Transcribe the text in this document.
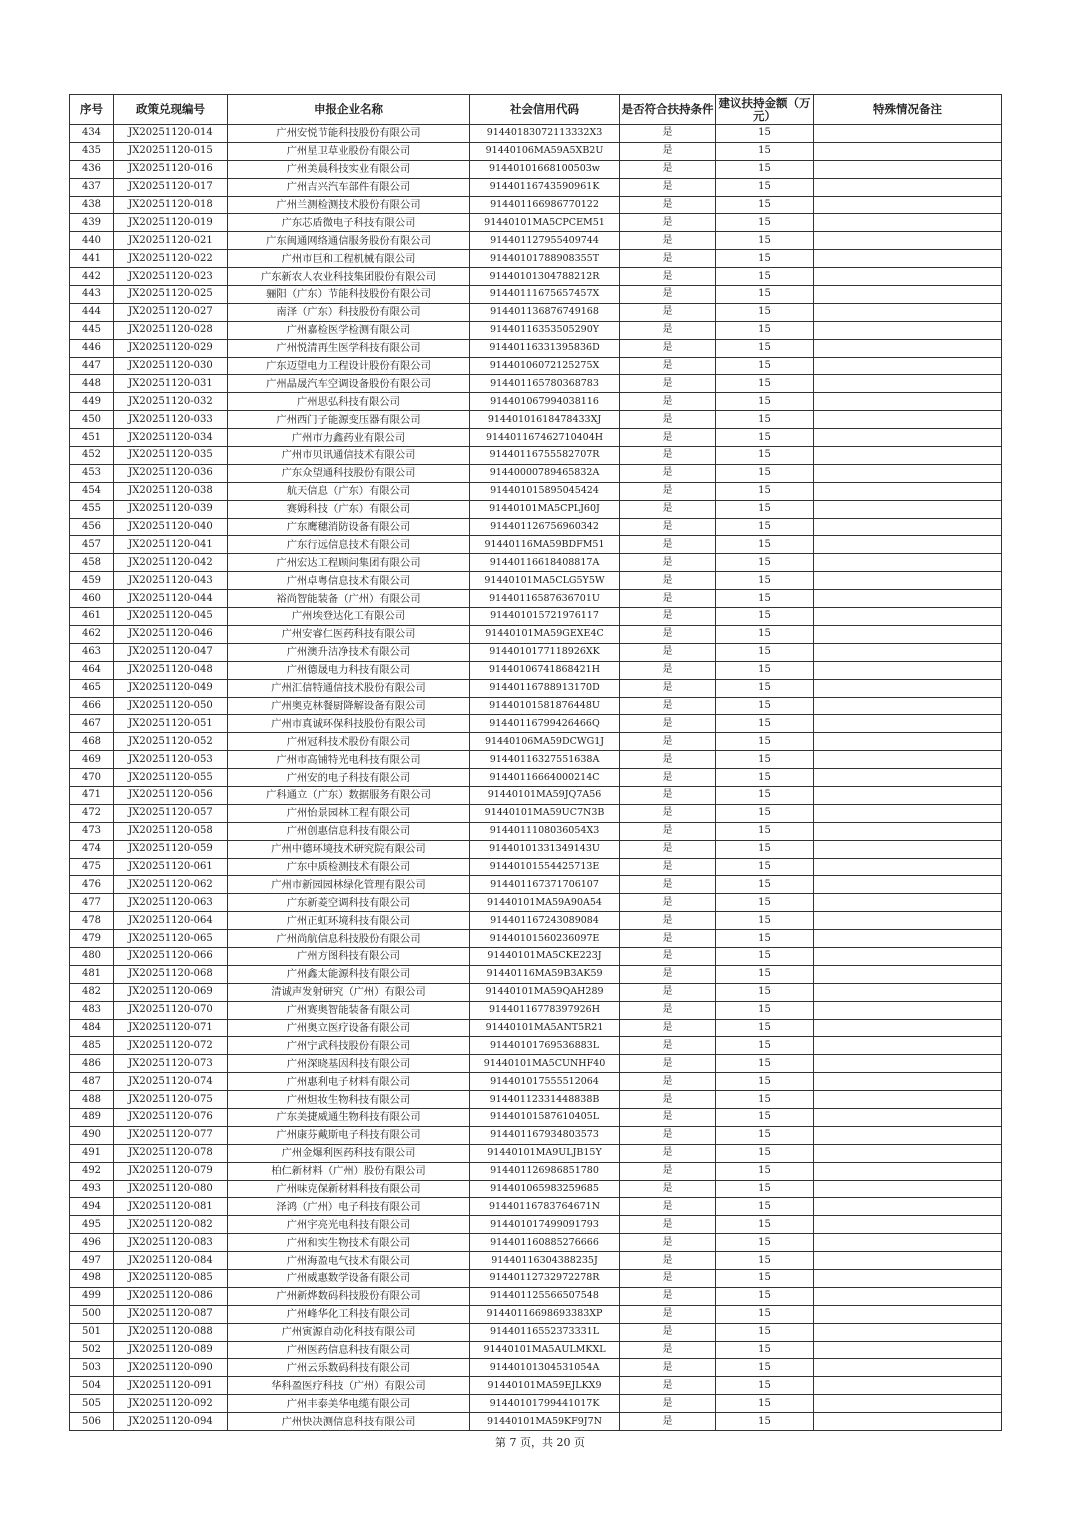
序号	政策兑现编号	申报企业名称	社会信用代码	是否符合扶持条件	建议扶持金额（万元）	特殊情况备注
434	JX20251120-014	广州安悦节能科技股份有限公司	91440183072113332X3	是	15	
435	JX20251120-015	广州星卫草业股份有限公司	9144010​6MA59A5XB2U	是	15	
436	JX20251120-016	广州美晨科技实业有限公司	914401016681005​03w	是	15	
437	JX20251120-017	广州吉兴汽车部件有限公司	91440116743590961K	是	15	
438	JX20251120-018	广州兰测检测技术股份有限公司	91440116698677012​2	是	15	
439	JX20251120-019	广东芯盾微电子科技有限公司	91440101MA5CPCEM51	是	15	
440	JX20251120-021	广东闽通网络通信服务股份有限公司	91440112795540974​4	是	15	
441	JX20251120-022	广州市巨和工程机械有限公司	91440101788908355T	是	15	
442	JX20251120-023	广东新农人农业科技集团股份有限公司	91440101304788212R	是	15	
443	JX20251120-025	骊阳（广东）节能科技股份有限公司	91440111675657457X	是	15	
444	JX20251120-027	南泽（广东）科技股份有限公司	91440113687674916​8	是	15	
445	JX20251120-028	广州嘉检医学检测有限公司	91440116353505290Y	是	15	
446	JX20251120-029	广州悦清再生医学科技有限公司	91440116331395836D	是	15	
447	JX20251120-030	广东迈望电力工程设计股份有限公司	91440106072125275X	是	15	
448	JX20251120-031	广州晶晟汽车空调设备股份有限公司	91440116578036878​3	是	15	
449	JX20251120-032	广州思弘科技有限公司	91440106799403811​6	是	15	
450	JX20251120-033	广州西门子能源变压器有限公司	91440101618478433XJ	是	15	
451	JX20251120-034	广州市力鑫药业有限公司	91440116746271040​4H	是	15	
452	JX20251120-035	广州市贝讯通信技术有限公司	91440116755582707R	是	15	
453	JX20251120-036	广东众望通科技股份有限公司	91440000789465832A	是	15	
454	JX20251120-038	航天信息（广东）有限公司	91440101589504542​4	是	15	
455	JX20251120-039	赛姆科技（广东）有限公司	91440101MA5CPLJ60J	是	15	
456	JX20251120-040	广东鹰穗消防设备有限公司	91440112675696034​2	是	15	
457	JX20251120-041	广东行远信息技术有限公司	91440116MA59BDFM51	是	15	
458	JX20251120-042	广州宏达工程顾问集团有限公司	91440116618408817A	是	15	
459	JX20251120-043	广州卓粤信息技术有限公司	91440101MA5CLG5Y5W	是	15	
460	JX20251120-044	裕尚智能装备（广州）有限公司	91440116587636701U	是	15	
461	JX20251120-045	广州埃登达化工有限公司	91440101572197611​7	是	15	
462	JX20251120-046	广州安睿仁医药科技有限公司	91440101MA59GEXE4C	是	15	
463	JX20251120-047	广州澳升洁净技术有限公司	91440101771189​26XK	是	15	
464	JX20251120-048	广州德晟电力科技有限公司	91440106741868421H	是	15	
465	JX20251120-049	广州汇信特通信技术股份有限公司	91440116788913170D	是	15	
466	JX20251120-050	广州奥克林餐厨降解设备有限公司	91440101581876448U	是	15	
467	JX20251120-051	广州市真诚环保科技股份有限公司	91440116799426466Q	是	15	
468	JX20251120-052	广州冠科技术股份有限公司	91440106MA59DCWG1J	是	15	
469	JX20251120-053	广州市高铺特光电科技有限公司	91440116327551638A	是	15	
470	JX20251120-055	广州安的电子科技有限公司	91440116664000214C	是	15	
471	JX20251120-056	广科通立（广东）数据服务有限公司	91440101MA59JQ7A56	是	15	
472	JX20251120-057	广州怡景园林工程有限公司	91440101MA59UC7N3B	是	15	
473	JX20251120-058	广州创惠信息科技有限公司	91440111080360​54X3	是	15	
474	JX20251120-059	广州中德环境技术研究院有限公司	91440101331349143U	是	15	
475	JX20251120-061	广东中质检测技术有限公司	91440101554425713E	是	15	
476	JX20251120-062	广州市新园园林绿化管理有限公司	91440116737170610​7	是	15	
477	JX20251120-063	广东新菱空调科技有限公司	91440101MA59A90A54	是	15	
478	JX20251120-064	广州正虹环境科技有限公司	91440116724308908​4	是	15	
479	JX20251120-065	广州尚航信息科技股份有限公司	91440101560236097E	是	15	
480	JX20251120-066	广州方图科技有限公司	91440101MA5CKE223J	是	15	
481	JX20251120-068	广州鑫太能源科技有限公司	91440116MA59B3AK59	是	15	
482	JX20251120-069	清诚声发射研究（广州）有限公司	91440101MA59QAH289	是	15	
483	JX20251120-070	广州赛奥智能装备有限公司	91440116778397926H	是	15	
484	JX20251120-071	广州奥立医疗设备有限公司	91440101MA5ANT5R21	是	15	
485	JX20251120-072	广州宁武科技股份有限公司	91440101769536883L	是	15	
486	JX20251120-073	广州深晓基因科技有限公司	91440101MA5CUNHF40	是	15	
487	JX20251120-074	广州惠利电子材料有限公司	91440101755551206​4	是	15	
488	JX20251120-075	广州炟妆生物科技有限公司	91440112331448838B	是	15	
489	JX20251120-076	广东美捷威通生物科技有限公司	91440101587610405L	是	15	
490	JX20251120-077	广州康芬戴斯电子科技有限公司	91440116793480357​3	是	15	
491	JX20251120-078	广州金爆利医药科技有限公司	91440101MA9ULJB15Y	是	15	
492	JX20251120-079	柏仁新材料（广州）股份有限公司	91440112698685178​0	是	15	
493	JX20251120-080	广州味克保新材料科技有限公司	91440106598325968​5	是	15	
494	JX20251120-081	泽鸿（广州）电子科技有限公司	91440116783764671N	是	15	
495	JX20251120-082	广州宇亮光电科技有限公司	91440101749909179​3	是	15	
496	JX20251120-083	广州和实生物技术有限公司	91440116088527666​6	是	15	
497	JX20251120-084	广州海盈电气技术有限公司	91440116304388235J	是	15	
498	JX20251120-085	广州威惠数学设备有限公司	91440112732972278R	是	15	
499	JX20251120-086	广州新烨数码科技股份有限公司	91440112556650754​8	是	15	
500	JX20251120-087	广州峰华化工科技有限公司	91440116698693383XP	是	15	
501	JX20251120-088	广州寅源自动化科技有限公司	91440116552373331L	是	15	
502	JX20251120-089	广州医药信息科技有限公司	91440101MA5AULMKXL	是	15	
503	JX20251120-090	广州云乐数码科技有限公司	91440101304531054A	是	15	
504	JX20251120-091	华科盈医疗科技（广州）有限公司	91440101MA59EJLKX9	是	15	
505	JX20251120-092	广州丰泰美华电缆有限公司	91440101799441017K	是	15	
506	JX20251120-094	广州快决测信息科技有限公司	91440101MA59KF9J7N	是	15	
第 7 页，共 20 页
